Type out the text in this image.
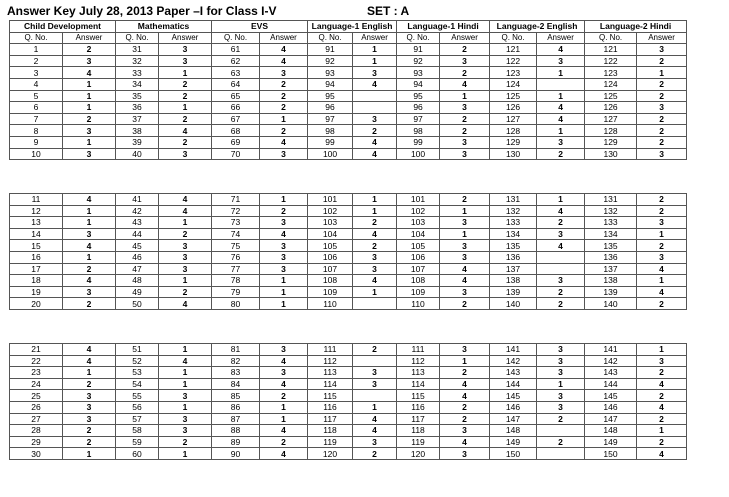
Answer Key July 28, 2013 Paper –I for Class I-V	SET : A
Child Development		Mathematics		EVS		Language-1 English		Language-1 Hindi		Language-2 English		Language-2 Hindi	
Q. No.	Answer	Q. No.	Answer	Q. No.	Answer	Q. No.	Answer	Q. No.	Answer	Q. No.	Answer	Q. No.	Answer
1	2	31	3	61	4	91	1	91	2	121	4	121	3
2	3	32	3	62	4	92	1	92	3	122	3	122	2
3	4	33	1	63	3	93	3	93	2	123	1	123	1
4	1	34	2	64	2	94	4	94	4	124		124	2
5	1	35	2	65	2	95		95	1	125	1	125	2
6	1	36	1	66	2	96		96	3	126	4	126	3
7	2	37	2	67	1	97	3	97	2	127	4	127	2
8	3	38	4	68	2	98	2	98	2	128	1	128	2
9	1	39	2	69	4	99	4	99	3	129	3	129	2
10	3	40	3	70	3	100	4	100	3	130	2	130	3
11	4	41	4	71	1	101	1	101	2	131	1	131	2
12	1	42	4	72	2	102	1	102	1	132	4	132	2
13	1	43	1	73	3	103	2	103	3	133	2	133	3
14	3	44	2	74	4	104	4	104	1	134	3	134	1
15	4	45	3	75	3	105	2	105	3	135	4	135	2
16	1	46	3	76	3	106	3	106	3	136		136	3
17	2	47	3	77	3	107	3	107	4	137		137	4
18	4	48	1	78	1	108	4	108	4	138	3	138	1
19	3	49	2	79	1	109	1	109	3	139	2	139	4
20	2	50	4	80	1	110		110	2	140	2	140	2
21	4	51	1	81	3	111	2	111	3	141	3	141	1
22	4	52	4	82	4	112		112	1	142	3	142	3
23	1	53	1	83	3	113	3	113	2	143	3	143	2
24	2	54	1	84	4	114	3	114	4	144	1	144	4
25	3	55	3	85	2	115		115	4	145	3	145	2
26	3	56	1	86	1	116	1	116	2	146	3	146	4
27	3	57	3	87	1	117	4	117	2	147	2	147	2
28	2	58	3	88	4	118	4	118	3	148		148	1
29	2	59	2	89	2	119	3	119	4	149	2	149	2
30	1	60	1	90	4	120	2	120	3	150		150	4
